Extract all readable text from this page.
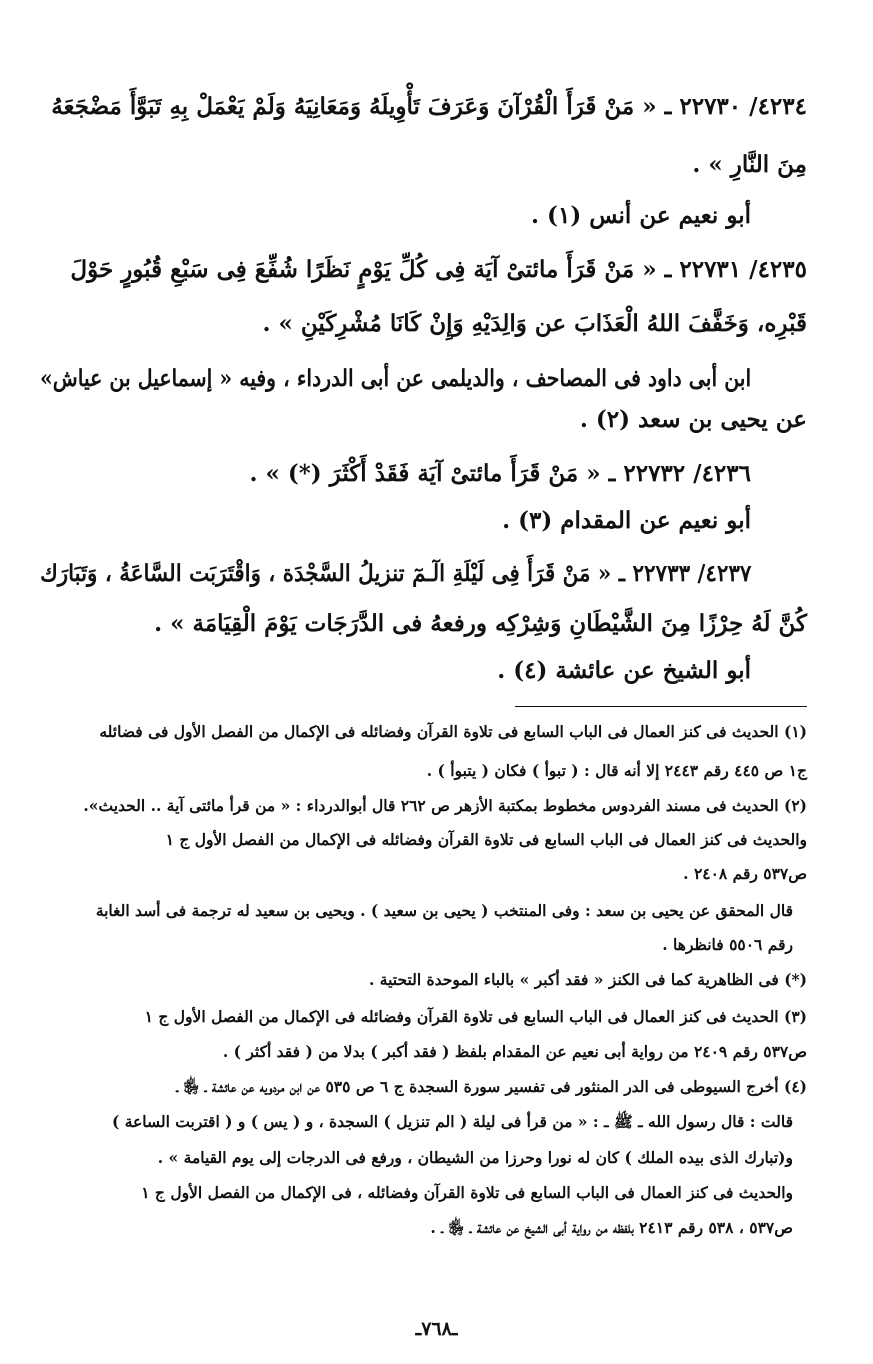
٤٢٣٤/ ٢٢٧٣٠ ـ « مَنْ قَرَأَ الْقُرْآنَ وَعَرَفَ تَأْوِيلَهُ وَمَعَانِيَهُ وَلَمْ يَعْمَلْ بِهِ تَبَوَّأَ مَضْجَعَهُ
مِنَ النَّارِ » .
أبو نعيم عن أنس (١) .
٤٢٣٥/ ٢٢٧٣١ ـ « مَنْ قَرَأَ مائتىْ آيَة فِى كُلِّ يَوْمٍ نَظَرًا شُفِّعَ فِى سَبْعِ قُبُورٍ حَوْلَ
قَبْرِه، وَخَفَّفَ اللهُ الْعَذَابَ عن وَالِدَيْهِ وَإِنْ كَانَا مُشْرِكَيْنِ » .
ابن أبى داود فى المصاحف ، والديلمى عن أبى الدرداء ، وفيه « إسماعيل بن عياش»
عن يحيى بن سعد (٢) .
٤٢٣٦/ ٢٢٧٣٢ ـ « مَنْ قَرَأَ مائتىْ آيَة فَقَدْ أَكْثَرَ (*) » .
أبو نعيم عن المقدام (٣) .
٤٢٣٧/ ٢٢٧٣٣ ـ « مَنْ قَرَأَ فِى لَيْلَةِ الٓـمٓ تنزيلُ السَّجْدَة ، وَاقْتَرَبَت السَّاعَةُ ، وَتَبَارَك
كُنَّ لَهُ حِرْزًا مِنَ الشَّيْطَانِ وَشِرْكِه ورفعهُ فى الدَّرَجَات يَوْمَ الْقِيَامَة » .
أبو الشيخ عن عائشة (٤) .
(١) الحديث فى كنز العمال فى الباب السابع فى تلاوة القرآن وفضائله فى الإكمال من الفصل الأول فى فضائله
ج١ ص ٤٤٥ رقم ٢٤٤٣ إلا أنه قال : ( تبوأ ) فكان ( يتبوأ ) .
(٢) الحديث فى مسند الفردوس مخطوط بمكتبة الأزهر ص ٢٦٢ قال أبوالدرداء : « من قرأ مائتى آية .. الحديث».
والحديث فى كنز العمال فى الباب السابع فى تلاوة القرآن وفضائله فى الإكمال من الفصل الأول ج ١
ص٥٣٧ رقم ٢٤٠٨ .
قال المحقق عن يحيى بن سعد : وفى المنتخب ( يحيى بن سعيد ) . ويحيى بن سعيد له ترجمة فى أسد الغابة
رقم ٥٥٠٦ فانظرها .
(*) فى الظاهرية كما فى الكنز « فقد أكبر » بالباء الموحدة التحتية .
(٣) الحديث فى كنز العمال فى الباب السابع فى تلاوة القرآن وفضائله فى الإكمال من الفصل الأول ج ١
ص٥٣٧ رقم ٢٤٠٩ من رواية أبى نعيم عن المقدام بلفظ ( فقد أكبر ) بدلا من ( فقد أكثر ) .
(٤) أخرج السيوطى فى الدر المنثور فى تفسير سورة السجدة ج ٦ ص ٥٣٥ عن ابن مردويه عن عائشة ـ ﵂ ـ
قالت : قال رسول الله ـ ﷺ ـ : « من قرأ فى ليلة ( الم تنزيل ) السجدة ، و ( يس ) و ( اقتربت الساعة )
و(تبارك الذى بيده الملك ) كان له نورا وحرزا من الشيطان ، ورفع فى الدرجات إلى يوم القيامة » .
والحديث فى كنز العمال فى الباب السابع فى تلاوة القرآن وفضائله ، فى الإكمال من الفصل الأول ج ١
ص٥٣٧ ، ٥٣٨ رقم ٢٤١٣ بلفظه من رواية أبى الشيخ عن عائشة ـ ﵂ ـ .
ـ٧٦٨ـ
